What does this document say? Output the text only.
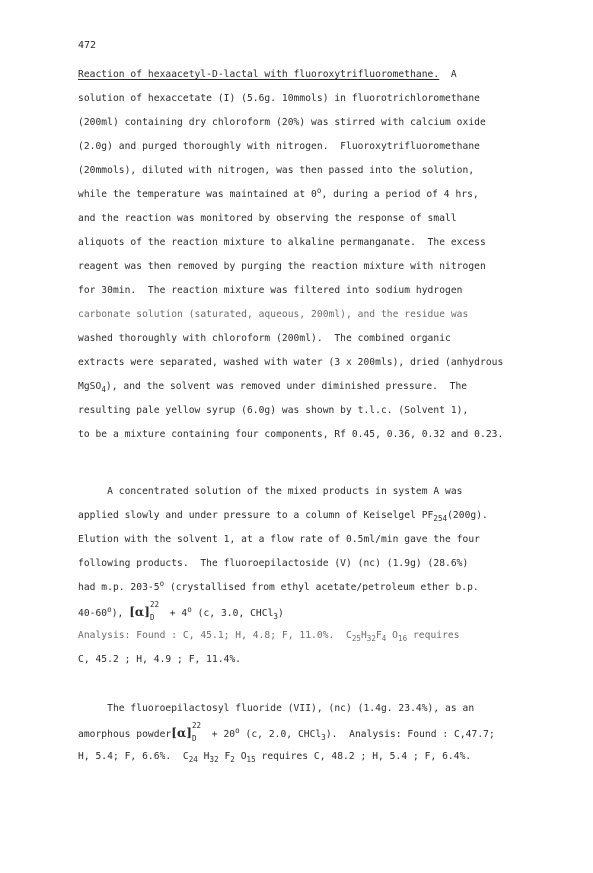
472
Reaction of hexaacetyl-D-lactal with fluoroxytrifluoromethane.  A
solution of hexaccetate (I) (5.6g. 10mmols) in fluorotrichloromethane
(200ml) containing dry chloroform (20%) was stirred with calcium oxide
(2.0g) and purged thoroughly with nitrogen.  Fluoroxytrifluoromethane
(20mmols), diluted with nitrogen, was then passed into the solution,
while the temperature was maintained at 0$^o$, during a period of 4 hrs,
and the reaction was monitored by observing the response of small
aliquots of the reaction mixture to alkaline permanganate.  The excess
reagent was then removed by purging the reaction mixture with nitrogen
for 30min.  The reaction mixture was filtered into sodium hydrogen
carbonate solution (saturated, aqueous, 200ml), and the residue was
washed thoroughly with chloroform (200ml).  The combined organic
extracts were separated, washed with water (3 x 200mls), dried (anhydrous
MgSO$_4$), and the solvent was removed under diminished pressure.  The
resulting pale yellow syrup (6.0g) was shown by t.l.c. (Solvent 1),
to be a mixture containing four components, Rf 0.45, 0.36, 0.32 and 0.23.
A concentrated solution of the mixed products in system A was
applied slowly and under pressure to a column of Keiselgel $PF_{254}(200g)$.
Elution with the solvent 1, at a flow rate of 0.5ml/min gave the four
following products.  The fluoroepilactoside (V) (nc) (1.9g) (28.6%)
had m.p. 203-5$^o$ (crystallised from ethyl acetate/petroleum ether b.p.
40-60$^o$), [α]
22
$D + 4^o$ (c, 3.0, CHCl$_3$)
Analysis: Found : C, 45.1; H, 4.8; F, 11.0%.  $C_{25}H_{32}F_4$ $O_{16}$ requires
C, 45.2 ; H, 4.9 ; F, 11.4%.
The fluoroepilactosyl fluoride (VII), (nc) (1.4g. 23.4%), as an
amorphous powder[α]
22
$D + 20^o$ (c, 2.0, CHCl$_3$).  Analysis: Found : C,47.7;
H, 5.4; F, 6.6%.  $C_{24}$ $H_{32}$ $F_2$ $O_{15}$ requires C, 48.2 ; H, 5.4 ; F, 6.4%.
